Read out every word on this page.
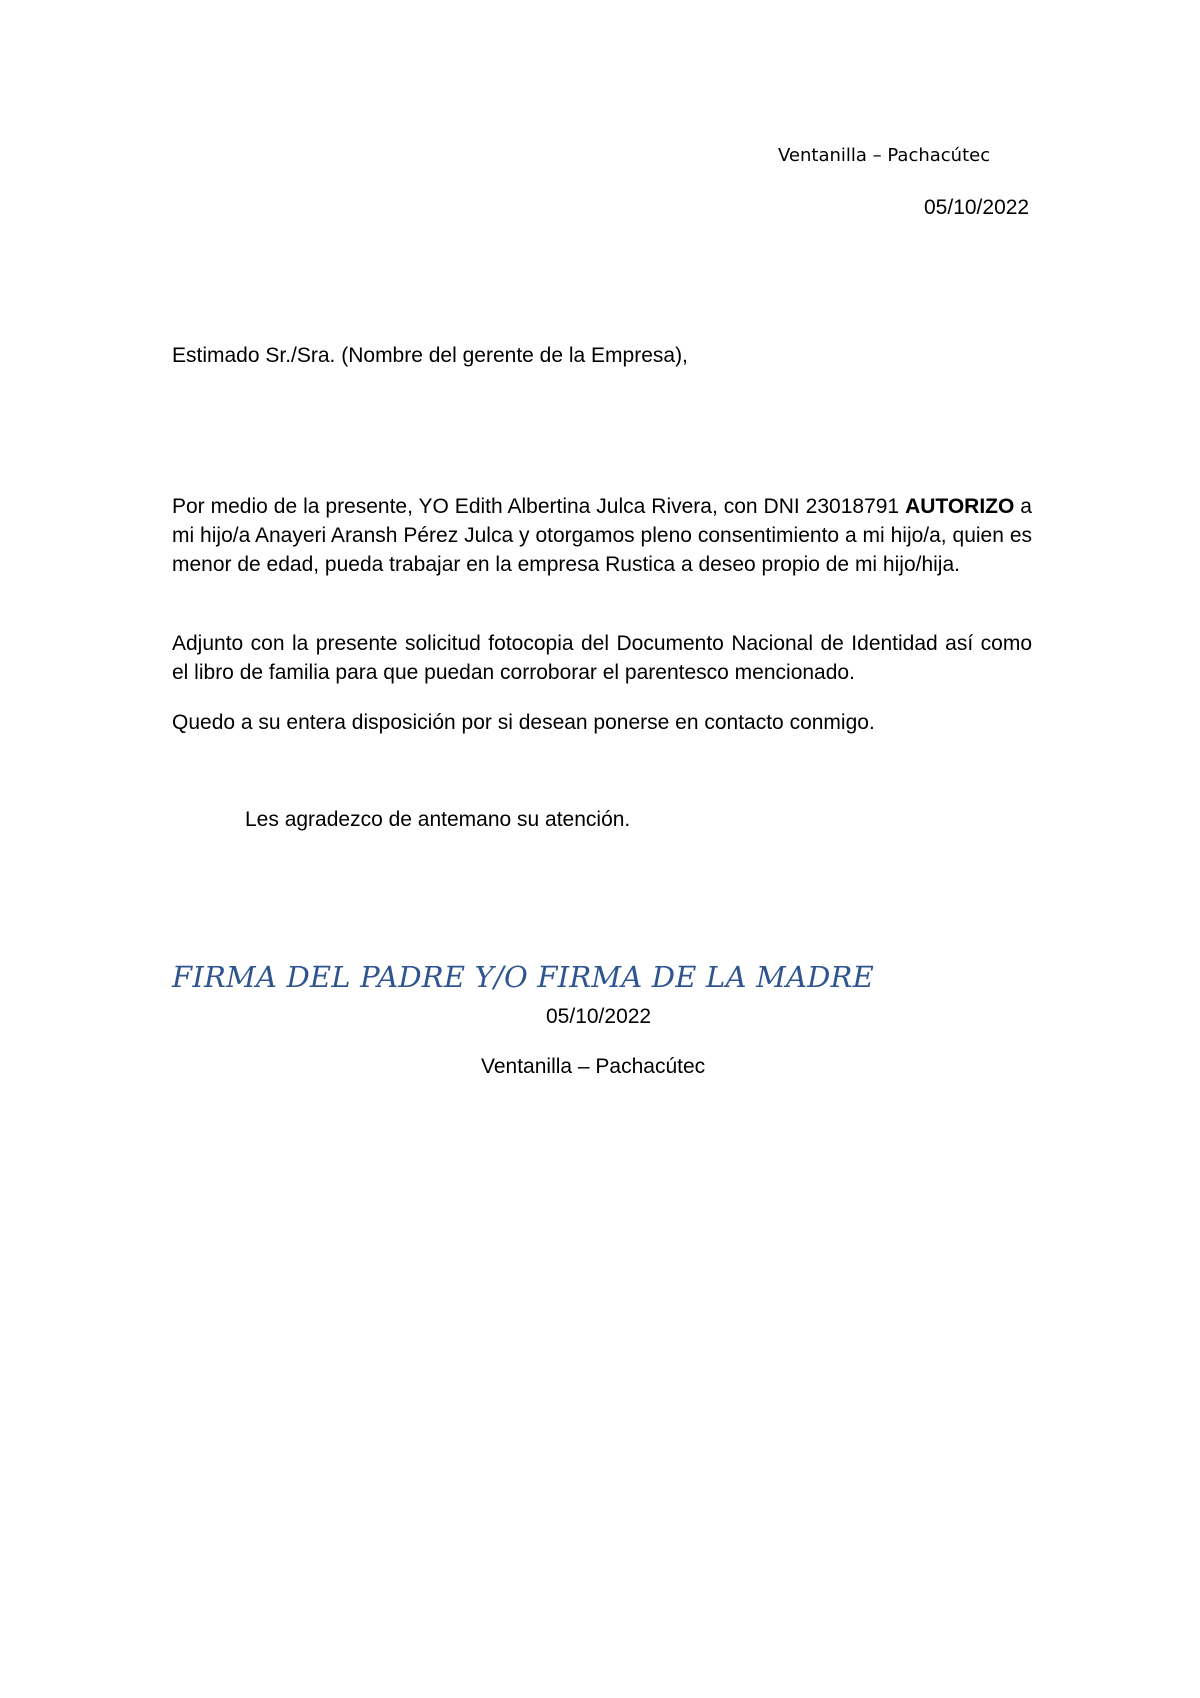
Ventanilla – Pachacútec
05/10/2022
Estimado Sr./Sra. (Nombre del gerente de la Empresa),
Por medio de la presente, YO Edith Albertina Julca Rivera, con DNI 23018791 AUTORIZO a mi hijo/a Anayeri Aransh Pérez Julca y otorgamos pleno consentimiento a mi hijo/a, quien es menor de edad, pueda trabajar en la empresa Rustica a deseo propio de mi hijo/hija.
Adjunto con la presente solicitud fotocopia del Documento Nacional de Identidad así como el libro de familia para que puedan corroborar el parentesco mencionado.
Quedo a su entera disposición por si desean ponerse en contacto conmigo.
Les agradezco de antemano su atención.
FIRMA DEL PADRE Y/O FIRMA DE LA MADRE
05/10/2022
Ventanilla – Pachacútec
